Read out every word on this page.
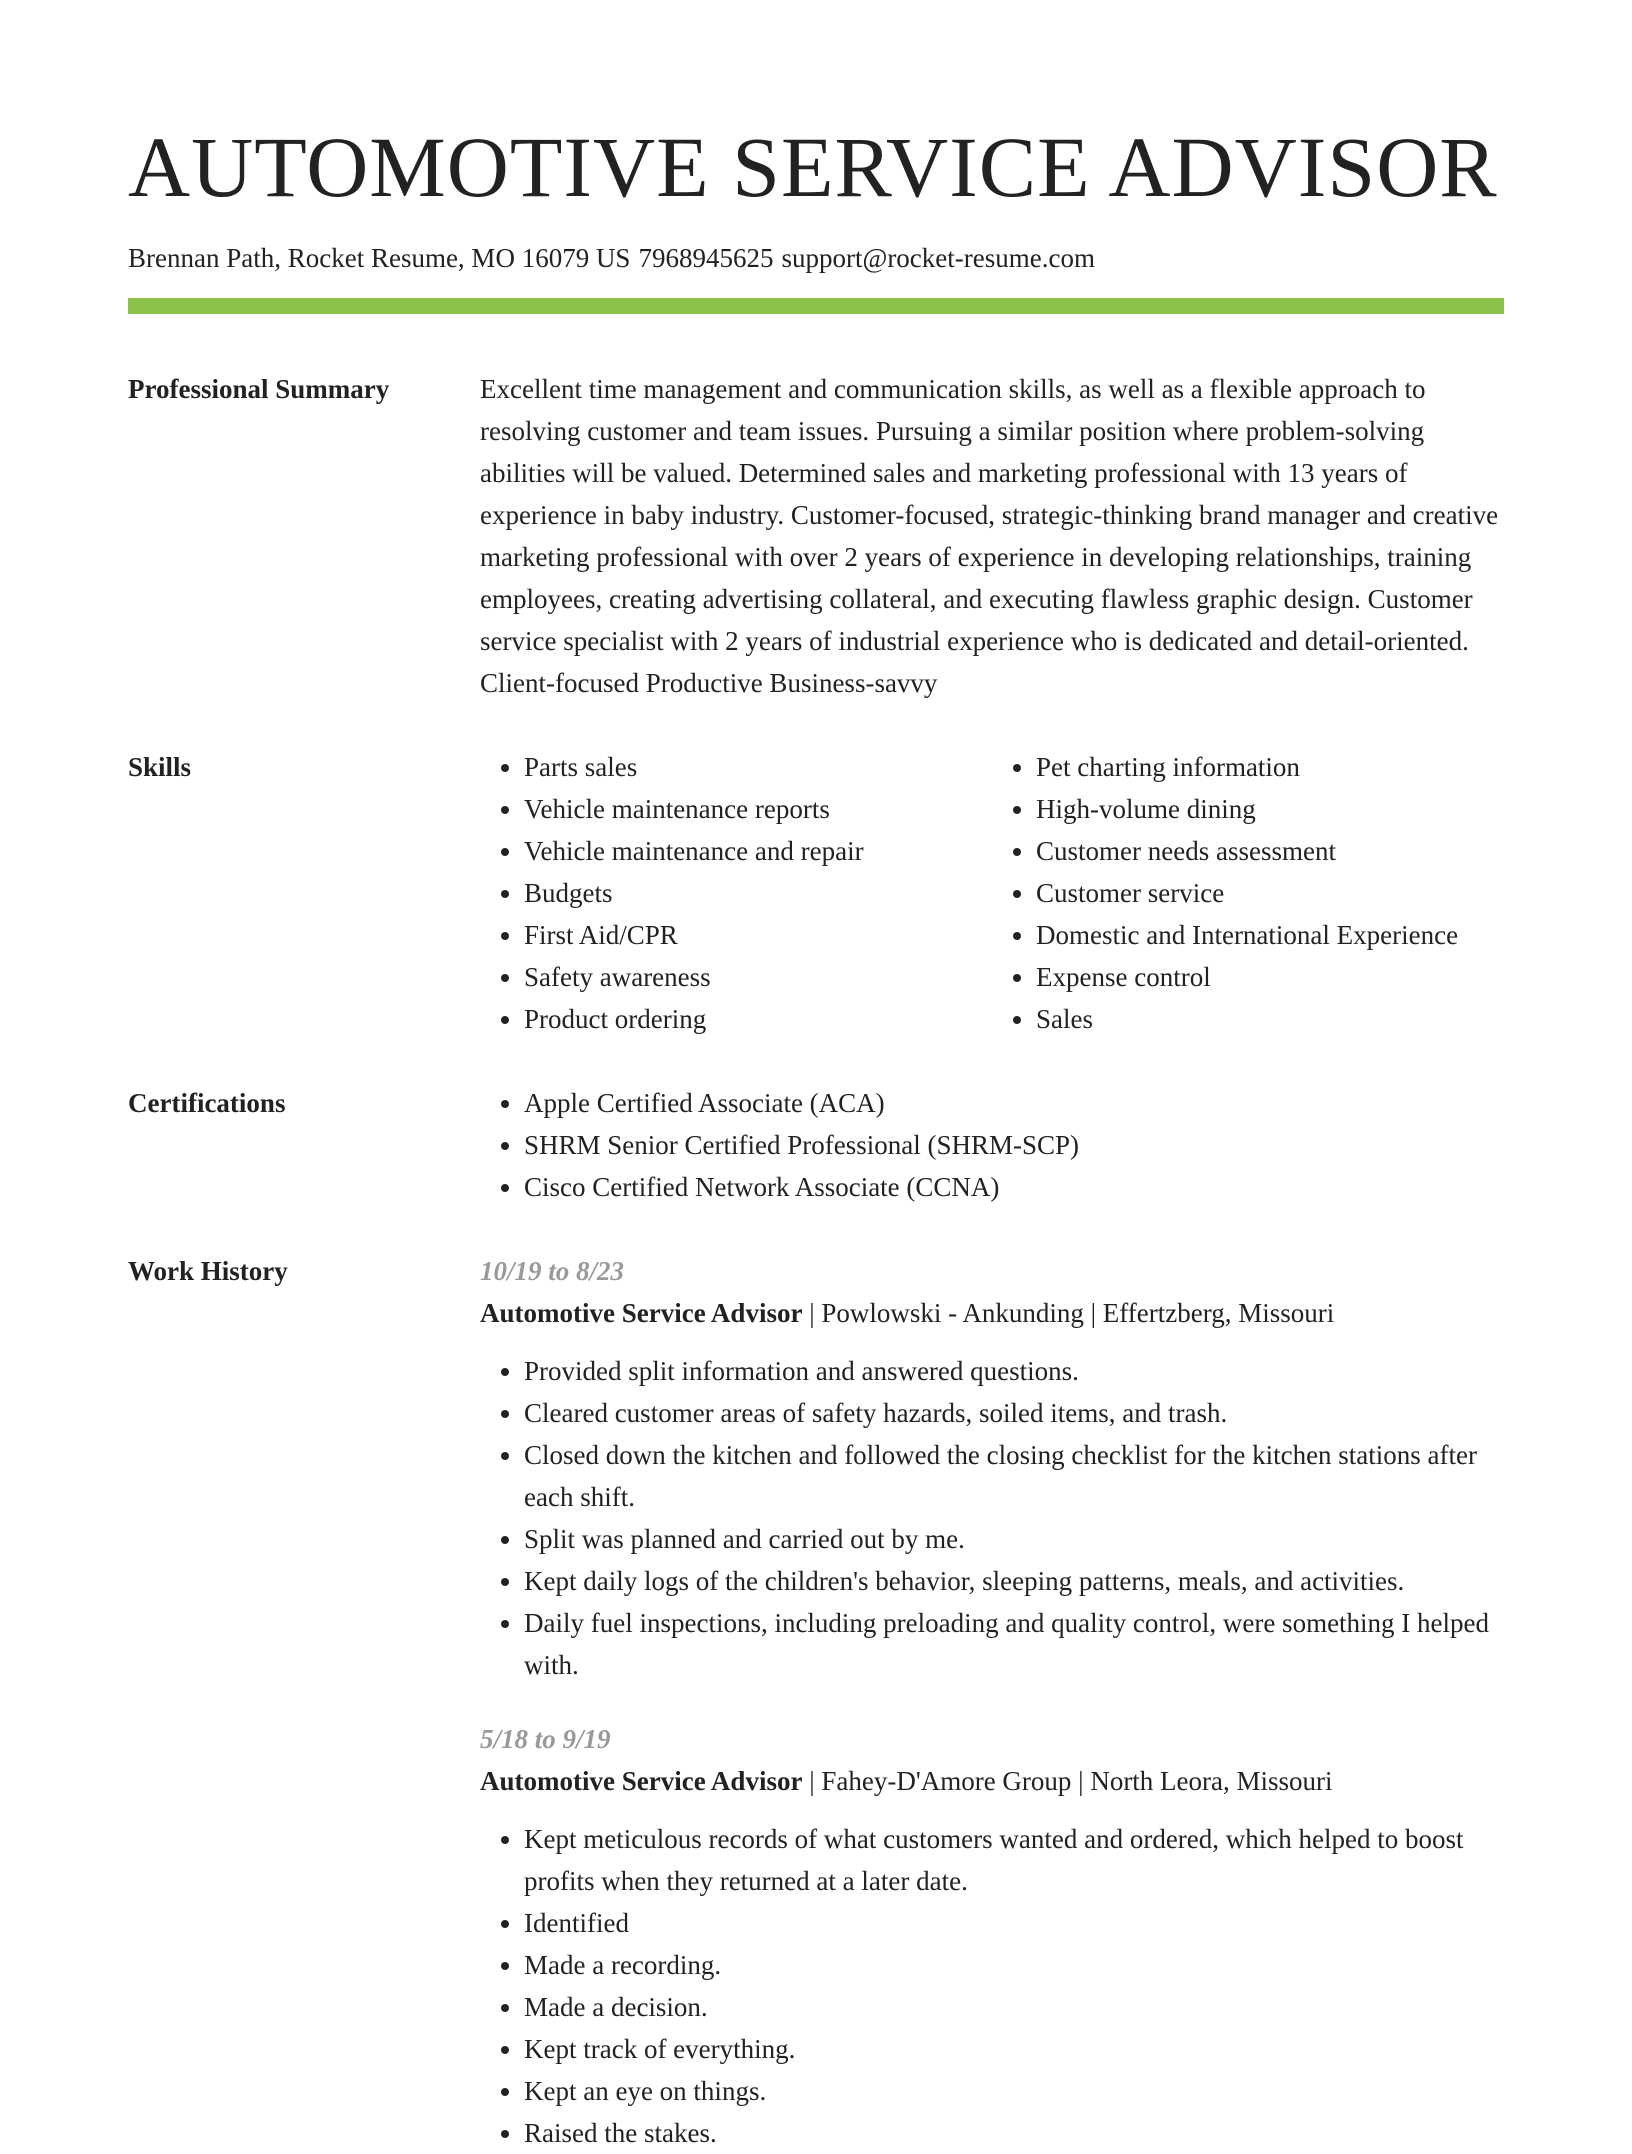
AUTOMOTIVE SERVICE ADVISOR
Brennan Path, Rocket Resume, MO 16079 US 7968945625 support@rocket-resume.com
Professional Summary	Excellent time management and communication skills, as well as a flexible approach to resolving customer and team issues. Pursuing a similar position where problem-solving abilities will be valued. Determined sales and marketing professional with 13 years of experience in baby industry. Customer-focused, strategic-thinking brand manager and creative marketing professional with over 2 years of experience in developing relationships, training employees, creating advertising collateral, and executing flawless graphic design. Customer service specialist with 2 years of industrial experience who is dedicated and detail-oriented. Client-focused Productive Business-savvy
Skills	• Parts sales
• Vehicle maintenance reports
• Vehicle maintenance and repair
• Budgets
• First Aid/CPR
• Safety awareness
• Product ordering
• Pet charting information
• High-volume dining
• Customer needs assessment
• Customer service
• Domestic and International Experience
• Expense control
• Sales
Certifications	• Apple Certified Associate (ACA)
• SHRM Senior Certified Professional (SHRM-SCP)
• Cisco Certified Network Associate (CCNA)
Work History	10/19 to 8/23
Automotive Service Advisor | Powlowski - Ankunding | Effertzberg, Missouri
• Provided split information and answered questions.
• Cleared customer areas of safety hazards, soiled items, and trash.
• Closed down the kitchen and followed the closing checklist for the kitchen stations after each shift.
• Split was planned and carried out by me.
• Kept daily logs of the children's behavior, sleeping patterns, meals, and activities.
• Daily fuel inspections, including preloading and quality control, were something I helped with.
5/18 to 9/19
Automotive Service Advisor | Fahey-D'Amore Group | North Leora, Missouri
• Kept meticulous records of what customers wanted and ordered, which helped to boost profits when they returned at a later date.
• Identified
• Made a recording.
• Made a decision.
• Kept track of everything.
• Kept an eye on things.
• Raised the stakes.
